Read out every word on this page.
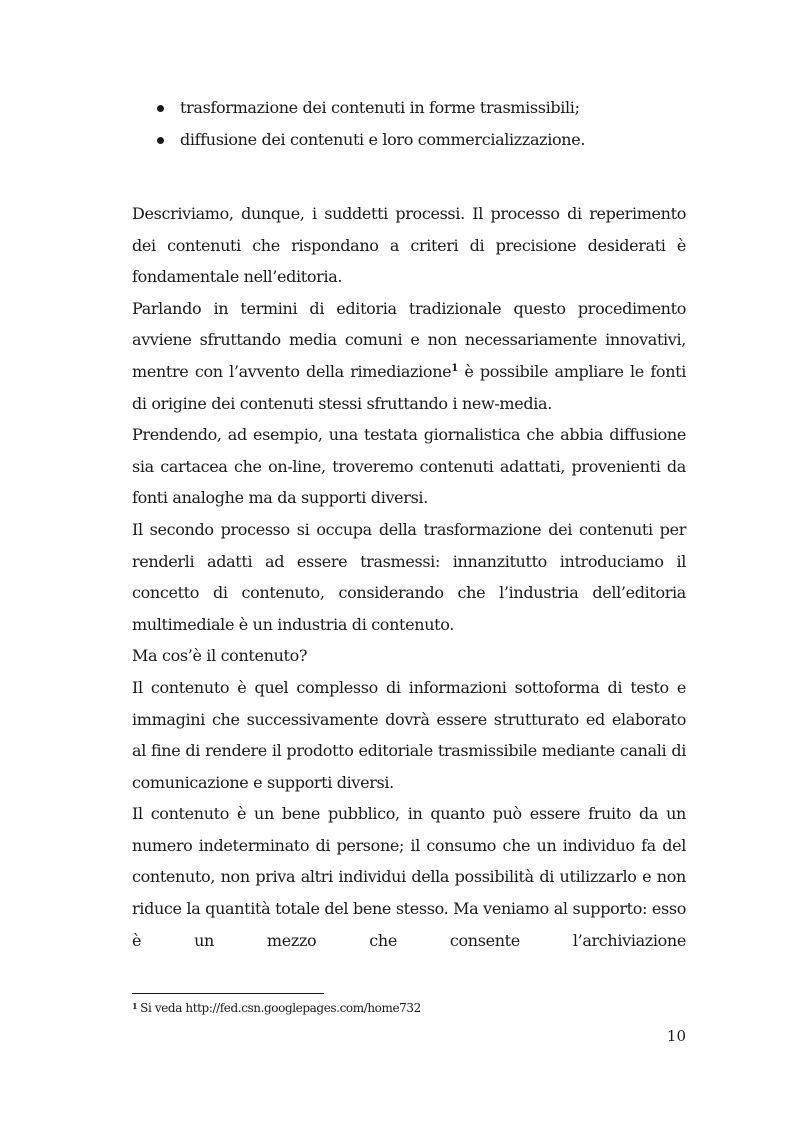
trasformazione dei contenuti in forme trasmissibili;
diffusione dei contenuti e loro commercializzazione.

Descriviamo, dunque, i suddetti processi. Il processo di reperimento dei contenuti che rispondano a criteri di precisione desiderati è fondamentale nell’editoria.

Parlando in termini di editoria tradizionale questo procedimento avviene sfruttando media comuni e non necessariamente innovativi, mentre con l’avvento della rimediazione$^1$ è possibile ampliare le fonti di origine dei contenuti stessi sfruttando i new-media.

Prendendo, ad esempio, una testata giornalistica che abbia diffusione sia cartacea che on-line, troveremo contenuti adattati, provenienti da fonti analoghe ma da supporti diversi.

Il secondo processo si occupa della trasformazione dei contenuti per renderli adatti ad essere trasmessi: innanzitutto introduciamo il concetto di contenuto, considerando che l’industria dell’editoria multimediale è un industria di contenuto.

Ma cos’è il contenuto?

Il contenuto è quel complesso di informazioni sottoforma di testo e immagini che successivamente dovrà essere strutturato ed elaborato al fine di rendere il prodotto editoriale trasmissibile mediante canali di comunicazione e supporti diversi.

Il contenuto è un bene pubblico, in quanto può essere fruito da un numero indeterminato di persone; il consumo che un individuo fa del contenuto, non priva altri individui della possibilità di utilizzarlo e non riduce la quantità totale del bene stesso. Ma veniamo al supporto: esso è un mezzo che consente l’archiviazione

$^1$ Si veda http://fed.csn.googlepages.com/home732
10
